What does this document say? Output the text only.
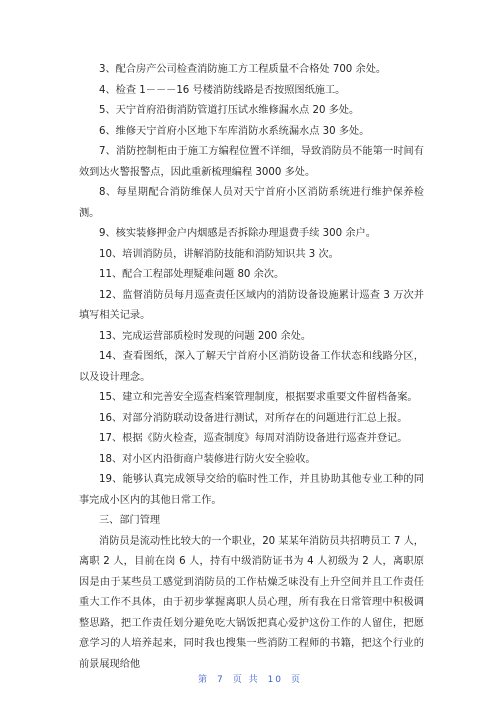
3、配合房产公司检查消防施工方工程质量不合格处 700 余处。

4、检查 1－－－16 号楼消防线路是否按照图纸施工。

5、天宁首府沿街消防管道打压试水维修漏水点 20 多处。

6、维修天宁首府小区地下车库消防水系统漏水点 30 多处。

7、消防控制柜由于施工方编程位置不详细，导致消防员不能第一时间有效到达火警报警点，因此重新梳理编程 3000 多处。

8、每星期配合消防维保人员对天宁首府小区消防系统进行维护保养检测。

9、核实装修押金户内烟感是否拆除办理退费手续 300 余户。

10、培训消防员，讲解消防技能和消防知识共 3 次。

11、配合工程部处理疑难问题 80 余次。

12、监督消防员每月巡查责任区域内的消防设备设施累计巡查 3 万次并填写相关记录。

13、完成运营部质检时发现的问题 200 余处。

14、查看图纸，深入了解天宁首府小区消防设备工作状态和线路分区，以及设计理念。

15、建立和完善安全巡查档案管理制度，根据要求重要文件留档备案。

16、对部分消防联动设备进行测试，对所存在的问题进行汇总上报。

17、根据《防火检查，巡查制度》每周对消防设备进行巡查并登记。

18、对小区内沿街商户装修进行防火安全验收。

19、能够认真完成领导交给的临时性工作，并且协助其他专业工种的同事完成小区内的其他日常工作。

三、部门管理

消防员是流动性比较大的一个职业，20 某某年消防员共招聘员工 7 人，离职 2 人，目前在岗 6 人，持有中级消防证书为 4 人初级为 2 人，离职原因是由于某些员工感觉到消防员的工作枯燥乏味没有上升空间并且工作责任重大工作不具体，由于初步掌握离职人员心理，所有我在日常管理中积极调整思路，把工作责任划分避免吃大锅饭把真心爱护这份工作的人留住，把愿意学习的人培养起来，同时我也搜集一些消防工程师的书籍，把这个行业的前景展现给他

第 7 页 共 10 页
